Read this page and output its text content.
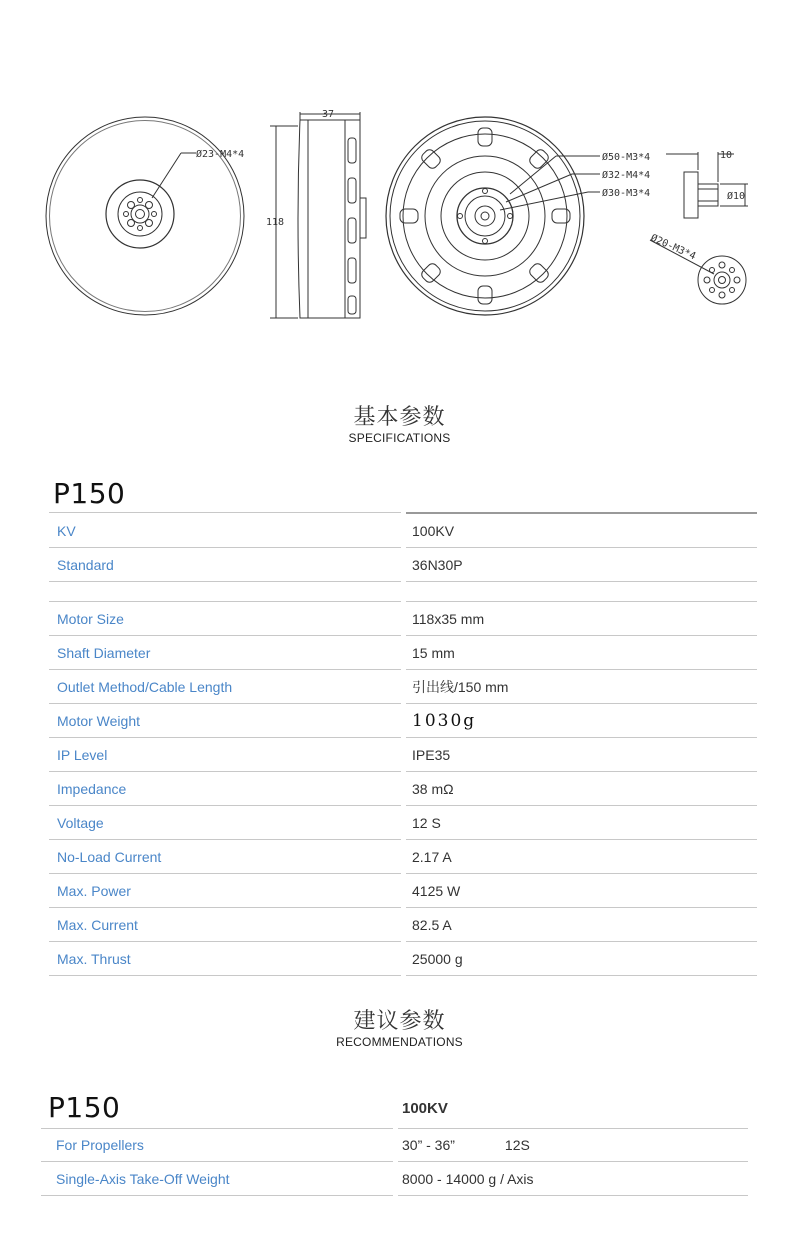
Ø23-M4*4
37
118
Ø50-M3*4
Ø32-M4*4
Ø30-M3*4
10
Ø10
Ø20-M3*4
基本参数
SPECIFICATIONS
P150
KV	100KV
Standard	36N30P
Motor Size	118x35 mm
Shaft Diameter	15 mm
Outlet Method/Cable Length	引出线/150 mm
Motor Weight	1030g
IP Level	IPE35
Impedance	38 mΩ
Voltage	12 S
No-Load Current	2.17 A
Max. Power	4125 W
Max. Current	82.5 A
Max. Thrust	25000 g
建议参数
RECOMMENDATIONS
P150	100KV
For Propellers	30” - 36”	12S
Single-Axis Take-Off Weight	8000 - 14000 g / Axis
